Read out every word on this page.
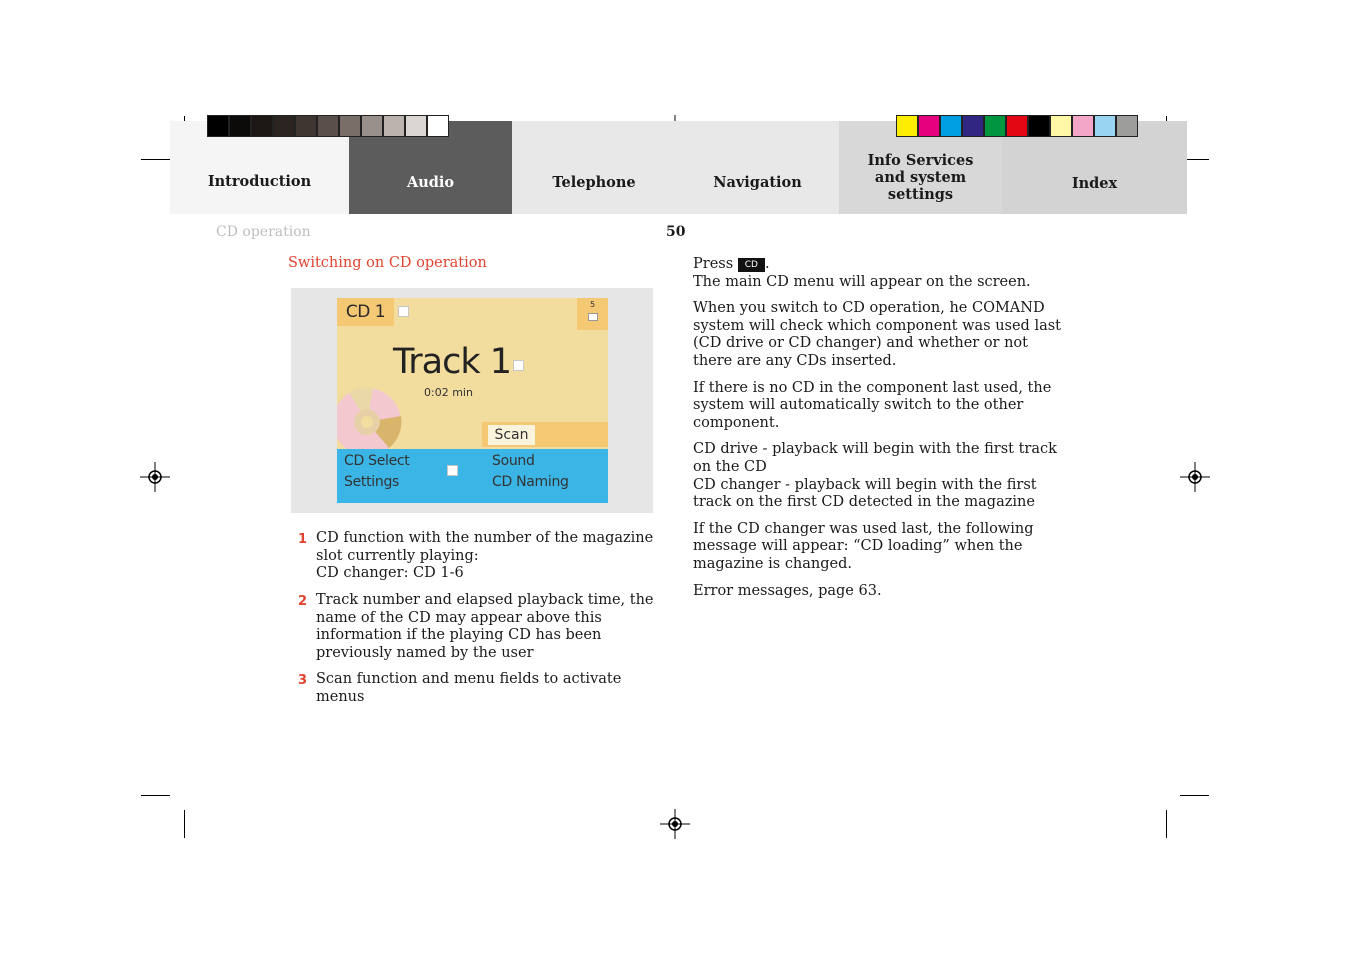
Introduction	Audio	Telephone	Navigation
Info Services and system settings
Index
CD operation	50
Switching on CD operation
CD 1	5

Track 1
0:02 min
Scan
CD Select	Sound
Settings	CD Naming
1 CD function with the number of the magazine slot currently playing:
CD changer: CD 1-6
2 Track number and elapsed playback time, the name of the CD may appear above this information if the playing CD has been previously named by the user
3 Scan function and menu fields to activate menus

Press CD .
The main CD menu will appear on the screen.

When you switch to CD operation, he COMAND system will check which component was used last (CD drive or CD changer) and whether or not there are any CDs inserted.

If there is no CD in the component last used, the system will automatically switch to the other component.

CD drive - playback will begin with the first track on the CD
CD changer - playback will begin with the first track on the first CD detected in the magazine

If the CD changer was used last, the following message will appear: “CD loading” when the magazine is changed.

Error messages, page 63.
